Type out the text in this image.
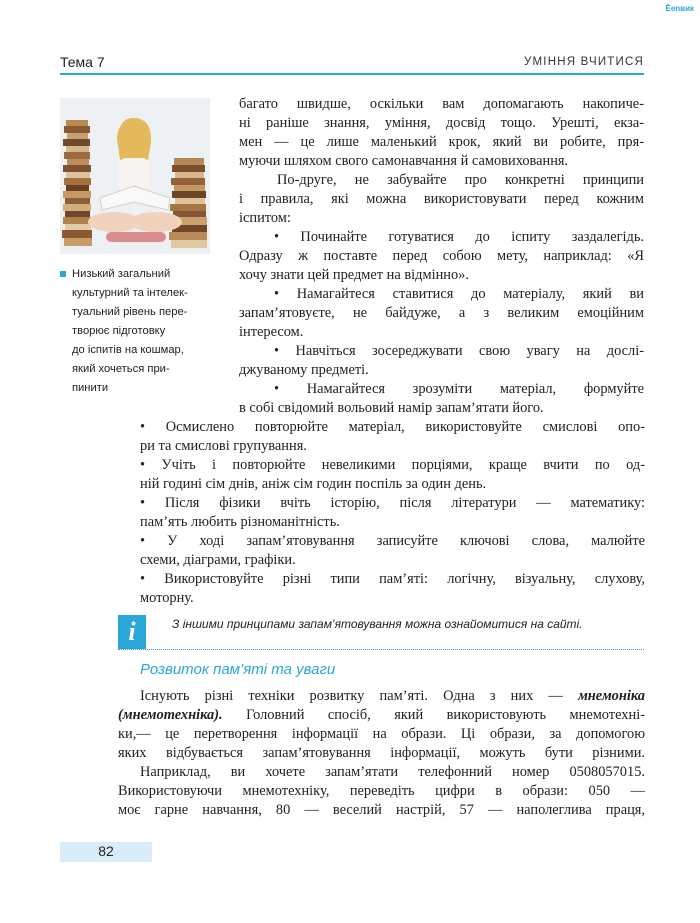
Ēenвик
Тема 7	УМІННЯ ВЧИТИСЯ
Низький загальний
культурний та інтелек-
туальний рівень пере-
творює підготовку
до іспитів на кошмар,
який хочеться при-
пинити
багато швидше, оскільки вам допомагають накопиче-
ні раніше знання, уміння, досвід тощо. Урешті, екза-
мен — це лише маленький крок, який ви робите, пря-
муючи шляхом свого самонавчання й самовиховання.
По-друге, не забувайте про конкретні принципи
і правила, які можна використовувати перед кожним
іспитом:
• Починайте готуватися до іспиту заздалегідь.
Одразу ж поставте перед собою мету, наприклад: «Я
хочу знати цей предмет на відмінно».
• Намагайтеся ставитися до матеріалу, який ви
запам’ятовуєте, не байдуже, а з великим емоційним
інтересом.
• Навчіться зосереджувати свою увагу на дослі-
джуваному предметі.
• Намагайтеся зрозуміти матеріал, формуйте
в собі свідомий вольовий намір запам’ятати його.
• Осмислено повторюйте матеріал, використовуйте смислові опо-
ри та смислові групування.
• Учіть і повторюйте невеликими порціями, краще вчити по од-
ній годині сім днів, аніж сім годин поспіль за один день.
• Після фізики вчіть історію, після літератури — математику:
пам’ять любить різноманітність.
• У ході запам’ятовування записуйте ключові слова, малюйте
схеми, діаграми, графіки.
• Використовуйте різні типи пам’яті: логічну, візуальну, слухову,
моторну.
i	З іншими принципами запам’ятовування можна ознайомитися на сайті.
Розвиток пам’яті та уваги
Існують різні техніки розвитку пам’яті. Одна з них — мнемоніка
(мнемотехніка). Головний спосіб, який використовують мнемотехні-
ки,— це перетворення інформації на образи. Ці образи, за допомогою
яких відбувається запам’ятовування інформації, можуть бути різними.
Наприклад, ви хочете запам’ятати телефонний номер 0508057015.
Використовуючи мнемотехніку, переведіть цифри в образи: 050 —
моє гарне навчання, 80 — веселий настрій, 57 — наполеглива праця,
82
